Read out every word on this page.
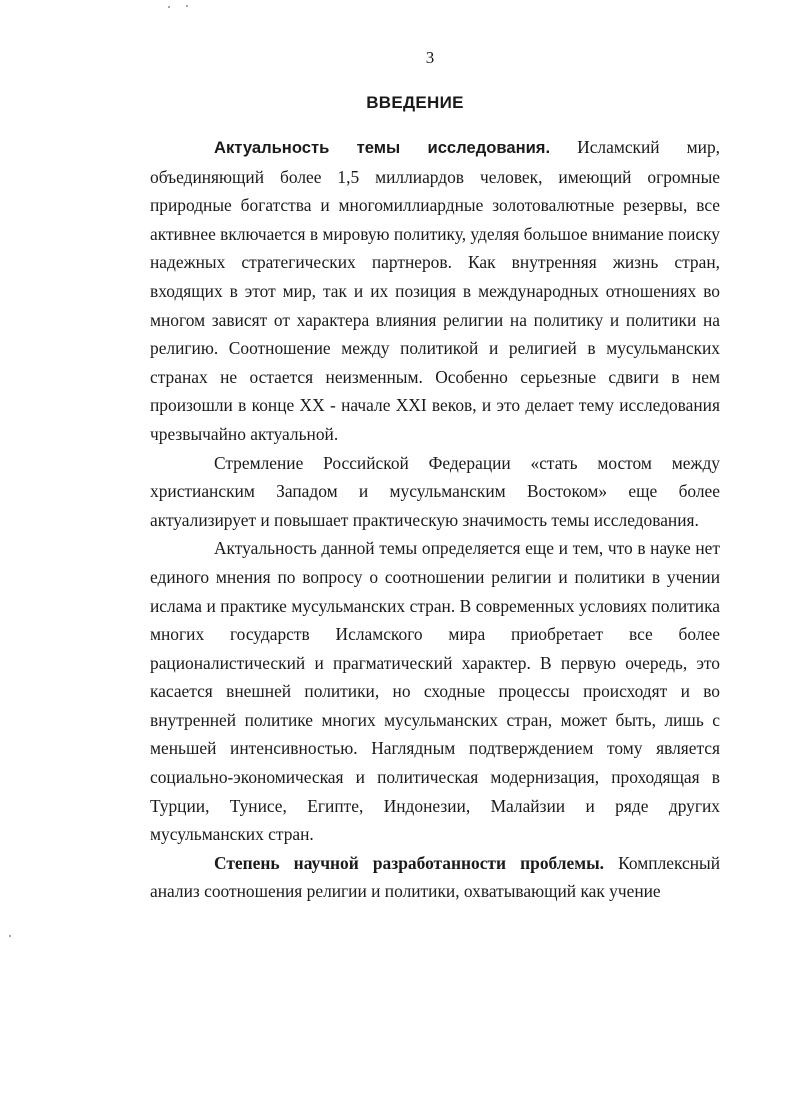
3
ВВЕДЕНИЕ

Актуальность темы исследования. Исламский мир, объединяющий более 1,5 миллиардов человек, имеющий огромные природные богатства и многомиллиардные золотовалютные резервы, все активнее включается в мировую политику, уделяя большое внимание поиску надежных стратегических партнеров. Как внутренняя жизнь стран, входящих в этот мир, так и их позиция в международных отношениях во многом зависят от характера влияния религии на политику и политики на религию. Соотношение между политикой и религией в мусульманских странах не остается неизменным. Особенно серьезные сдвиги в нем произошли в конце XX - начале XXI веков, и это делает тему исследования чрезвычайно актуальной.

Стремление Российской Федерации «стать мостом между христианским Западом и мусульманским Востоком» еще более актуализирует и повышает практическую значимость темы исследования.

Актуальность данной темы определяется еще и тем, что в науке нет единого мнения по вопросу о соотношении религии и политики в учении ислама и практике мусульманских стран. В современных условиях политика многих государств Исламского мира приобретает все более рационалистический и прагматический характер. В первую очередь, это касается внешней политики, но сходные процессы происходят и во внутренней политике многих мусульманских стран, может быть, лишь с меньшей интенсивностью. Наглядным подтверждением тому является социально-экономическая и политическая модернизация, проходящая в Турции, Тунисе, Египте, Индонезии, Малайзии и ряде других мусульманских стран.

Степень научной разработанности проблемы. Комплексный анализ соотношения религии и политики, охватывающий как учение
